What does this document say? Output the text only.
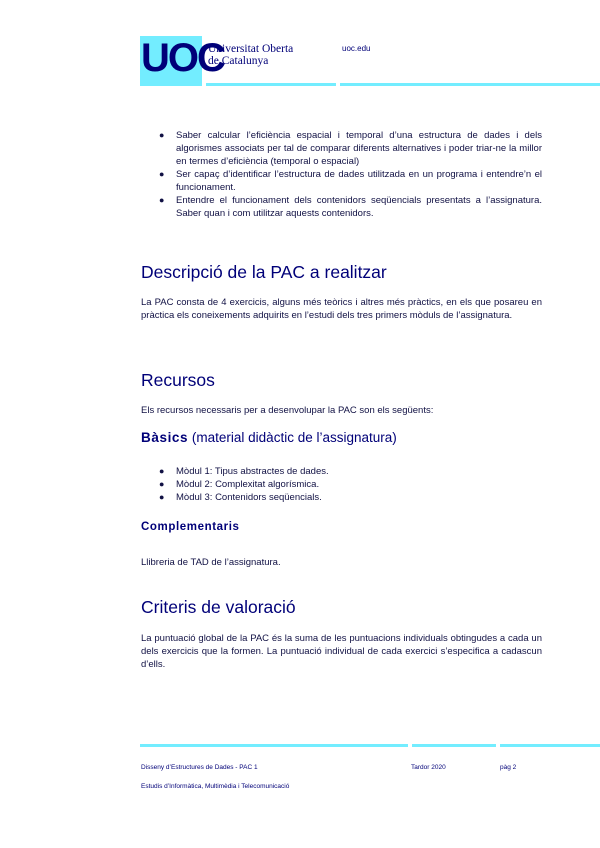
UOC
Universitat Oberta
de Catalunya
uoc.edu
● Saber calcular l’eficiència espacial i temporal d’una estructura de dades i dels algorismes associats per tal de comparar diferents alternatives i poder triar-ne la millor en termes d’eficiència (temporal o espacial)
● Ser capaç d’identificar l’estructura de dades utilitzada en un programa i entendre’n el funcionament.
● Entendre el funcionament dels contenidors seqüencials presentats a l’assignatura. Saber quan i com utilitzar aquests contenidors.
Descripció de la PAC a realitzar
La PAC consta de 4 exercicis, alguns més teòrics i altres més pràctics, en els que posareu en pràctica els coneixements adquirits en l’estudi dels tres primers mòduls de l’assignatura.
Recursos
Els recursos necessaris per a desenvolupar la PAC son els següents:
Bàsics (material didàctic de l’assignatura)
● Mòdul 1: Tipus abstractes de dades.
● Mòdul 2: Complexitat algorísmica.
● Mòdul 3: Contenidors seqüencials.
Complementaris
Llibreria de TAD de l’assignatura.
Criteris de valoració
La puntuació global de la PAC és la suma de les puntuacions individuals obtingudes a cada un dels exercicis que la formen. La puntuació individual de cada exercici s’especifica a cadascun d’ells.
Disseny d’Estructures de Dades - PAC 1	Tardor 2020	pàg 2
Estudis d’Informàtica, Multimèdia i Telecomunicació
